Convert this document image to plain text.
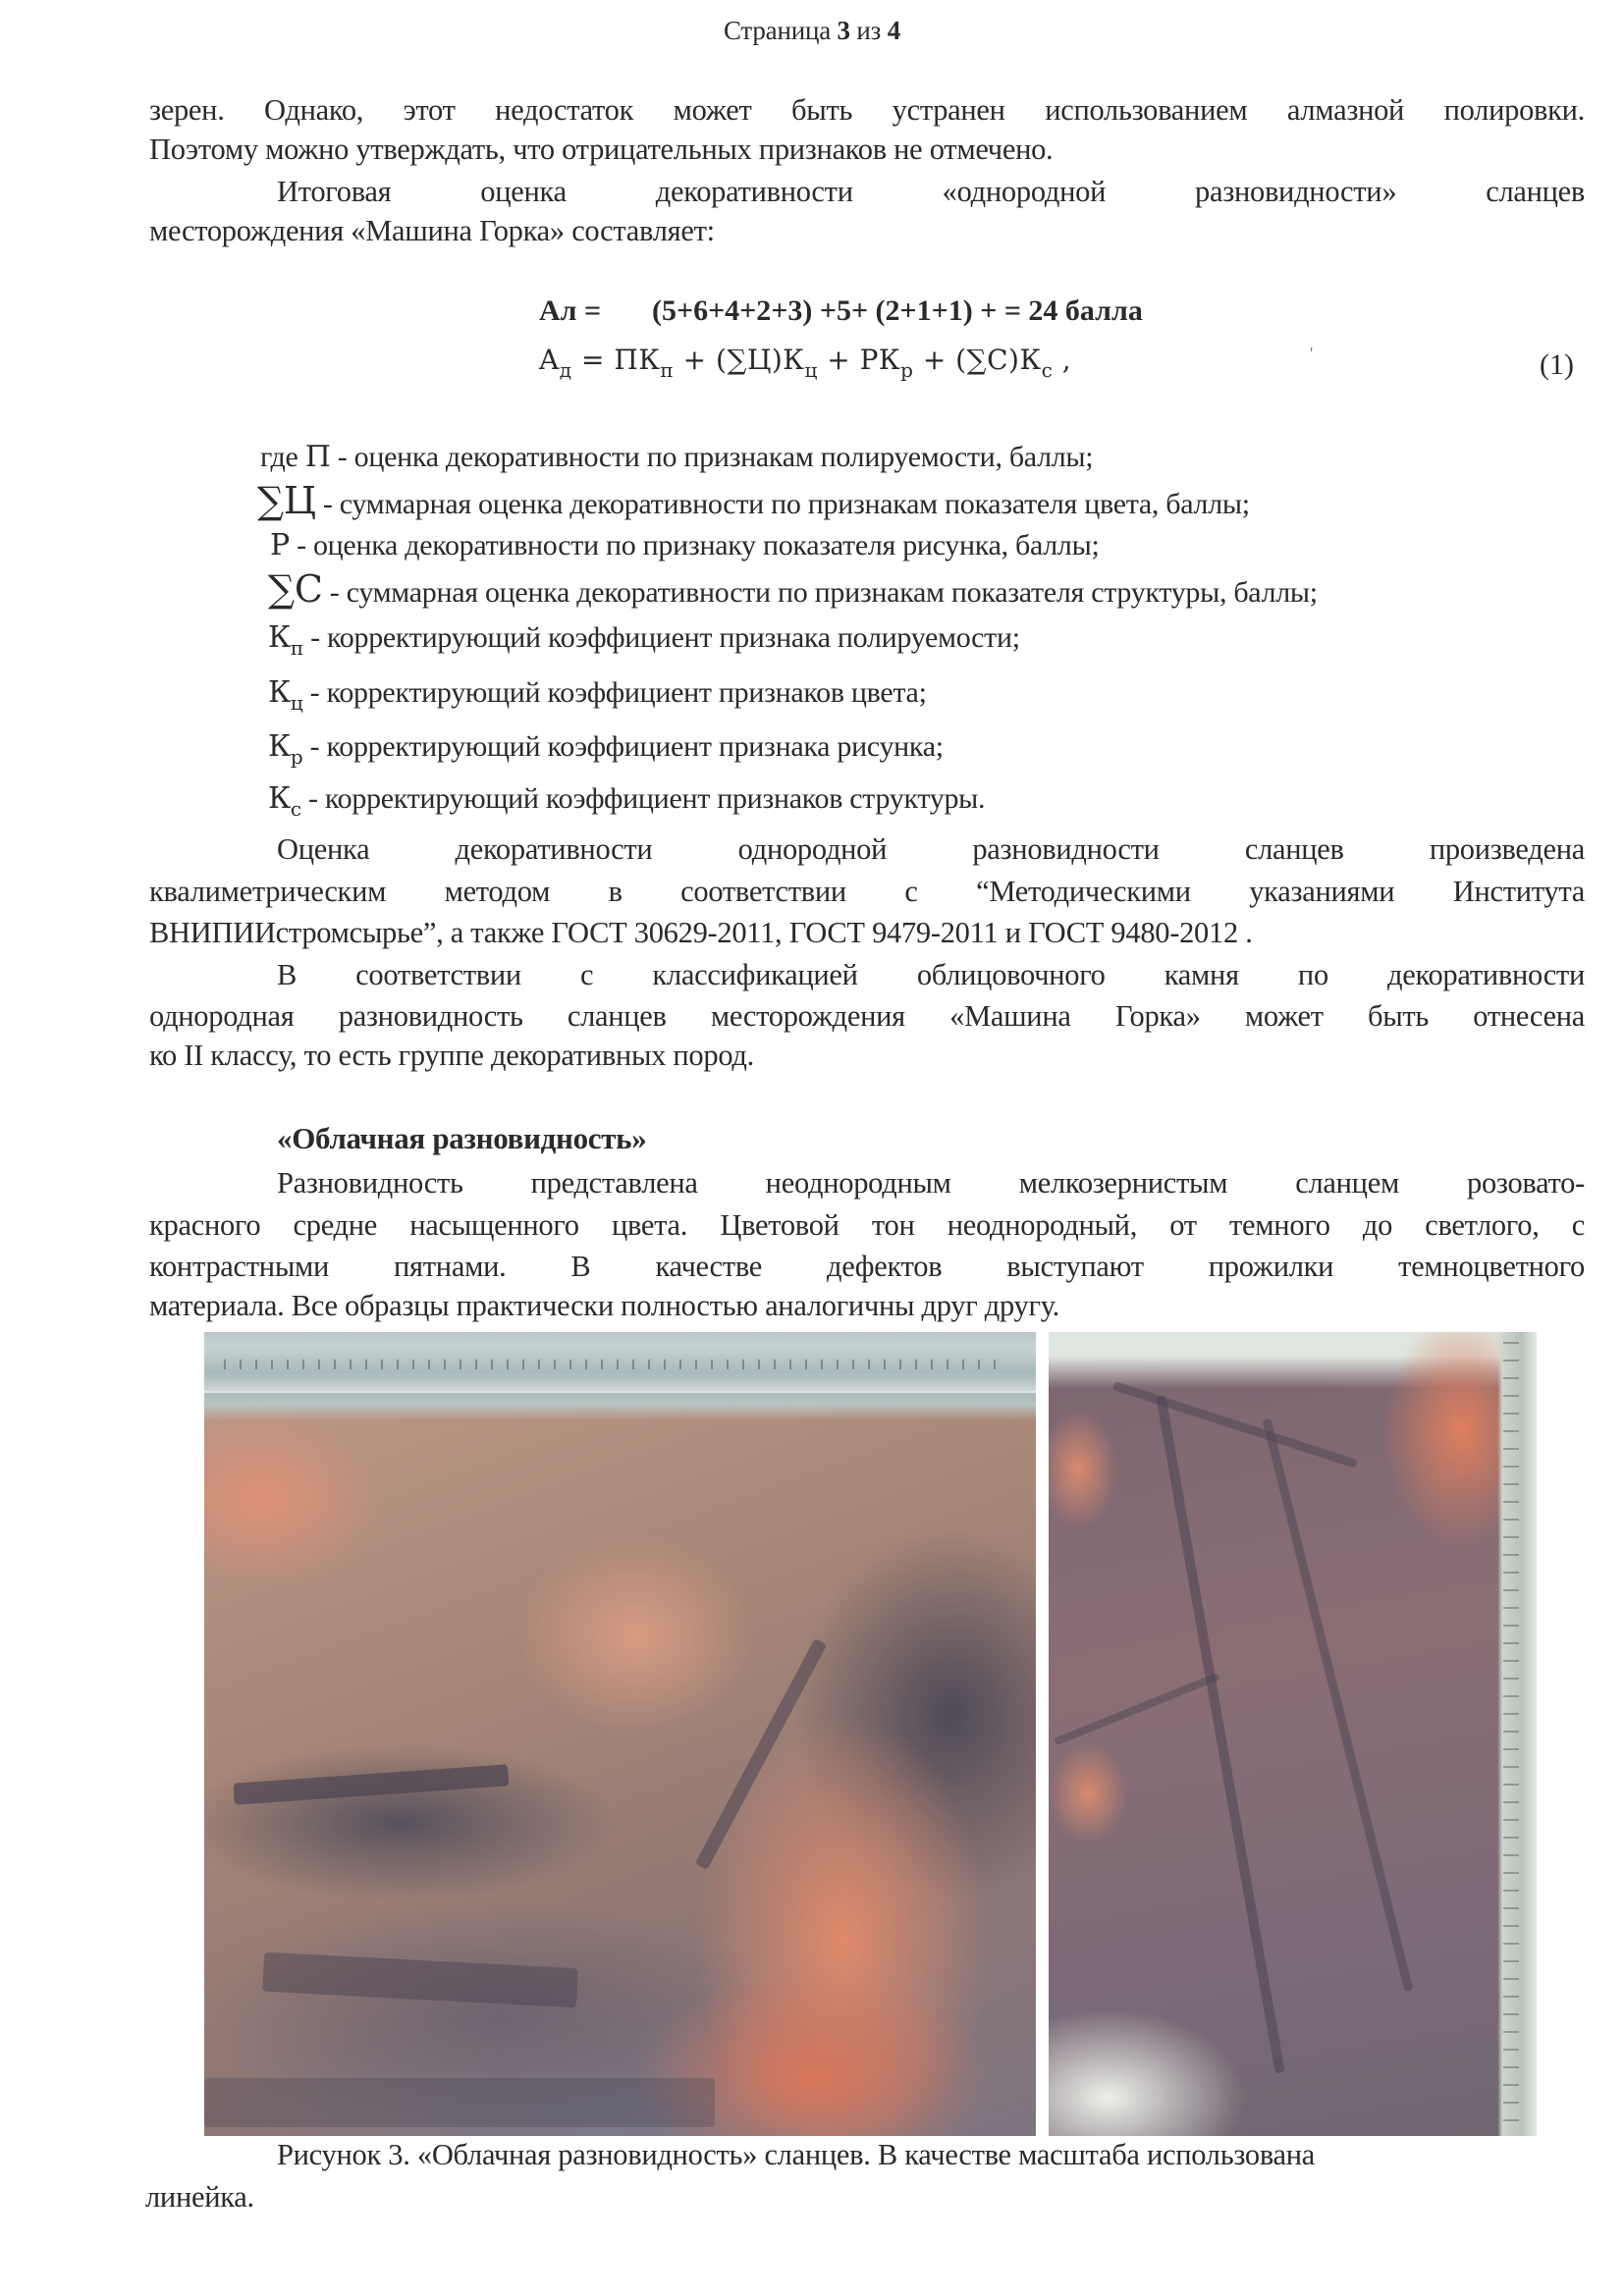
Страница 3 из 4
зерен. Однако, этот недостаток может быть устранен использованием алмазной полировки.
Поэтому можно утверждать, что отрицательных признаков не отмечено.
Итоговая оценка декоративности «однородной разновидности» сланцев
месторождения «Машина Горка» составляет:
Aл = (5+6+4+2+3) +5+ (2+1+1) + = 24 балла
$A_д = ПК_п + (\sum Ц)К_ц + РК_р + (\sum С)К_с$ ,	'	(1)
где П - оценка декоративности по признакам полируемости, баллы;
∑Ц - суммарная оценка декоративности по признакам показателя цвета, баллы;
Р - оценка декоративности по признаку показателя рисунка, баллы;
∑С - суммарная оценка декоративности по признакам показателя структуры, баллы;
$К_п$ - корректирующий коэффициент признака полируемости;
$К_ц$ - корректирующий коэффициент признаков цвета;
$К_р$ - корректирующий коэффициент признака рисунка;
$К_с$ - корректирующий коэффициент признаков структуры.
Оценка декоративности однородной разновидности сланцев произведена
квалиметрическим методом в соответствии с “Методическими указаниями Института
ВНИПИИстромсырье”, а также ГОСТ 30629-2011, ГОСТ 9479-2011 и ГОСТ 9480-2012 .
В соответствии с классификацией облицовочного камня по декоративности
однородная разновидность сланцев месторождения «Машина Горка» может быть отнесена
ко II классу, то есть группе декоративных пород.
«Облачная разновидность»
Разновидность представлена неоднородным мелкозернистым сланцем розовато-
красного средне насыщенного цвета. Цветовой тон неоднородный, от темного до светлого, с
контрастными пятнами. В качестве дефектов выступают прожилки темноцветного
материала. Все образцы практически полностью аналогичны друг другу.
Рисунок 3. «Облачная разновидность» сланцев. В качестве масштаба использована
линейка.
